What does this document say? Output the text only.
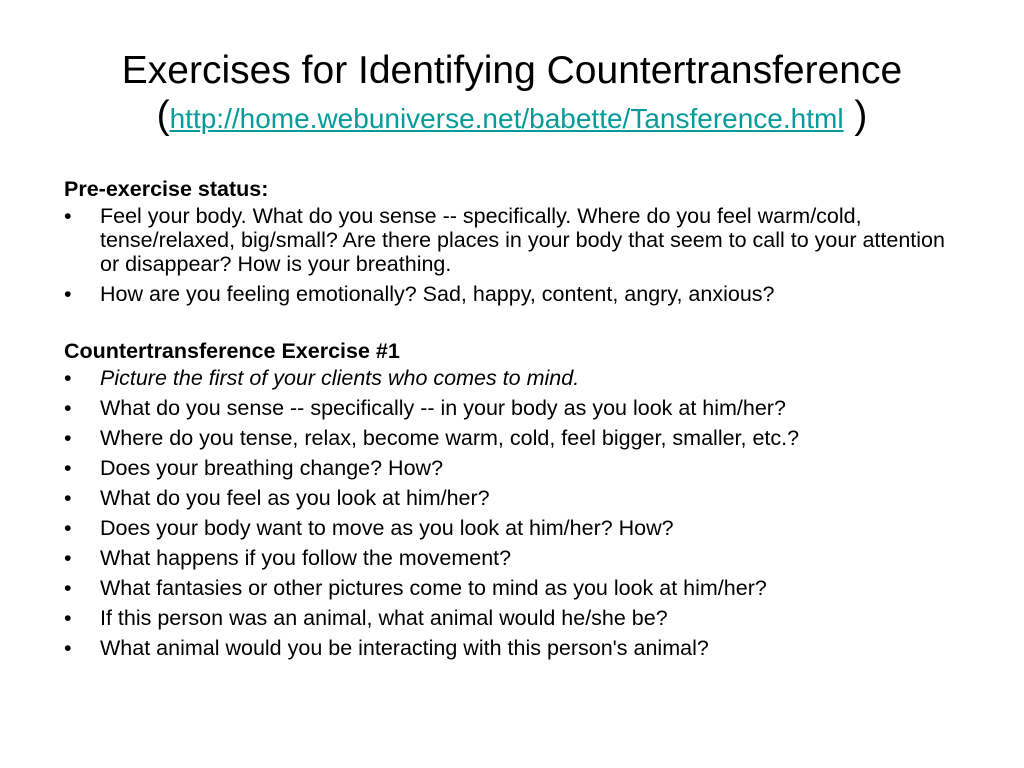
Exercises for Identifying Countertransference
(http://home.webuniverse.net/babette/Tansference.html )
Pre-exercise status:
• Feel your body. What do you sense -- specifically. Where do you feel warm/cold, tense/relaxed, big/small? Are there places in your body that seem to call to your attention or disappear? How is your breathing.
• How are you feeling emotionally? Sad, happy, content, angry, anxious?
Countertransference Exercise #1
• Picture the first of your clients who comes to mind.
• What do you sense -- specifically -- in your body as you look at him/her?
• Where do you tense, relax, become warm, cold, feel bigger, smaller, etc.?
• Does your breathing change? How?
• What do you feel as you look at him/her?
• Does your body want to move as you look at him/her? How?
• What happens if you follow the movement?
• What fantasies or other pictures come to mind as you look at him/her?
• If this person was an animal, what animal would he/she be?
• What animal would you be interacting with this person's animal?
